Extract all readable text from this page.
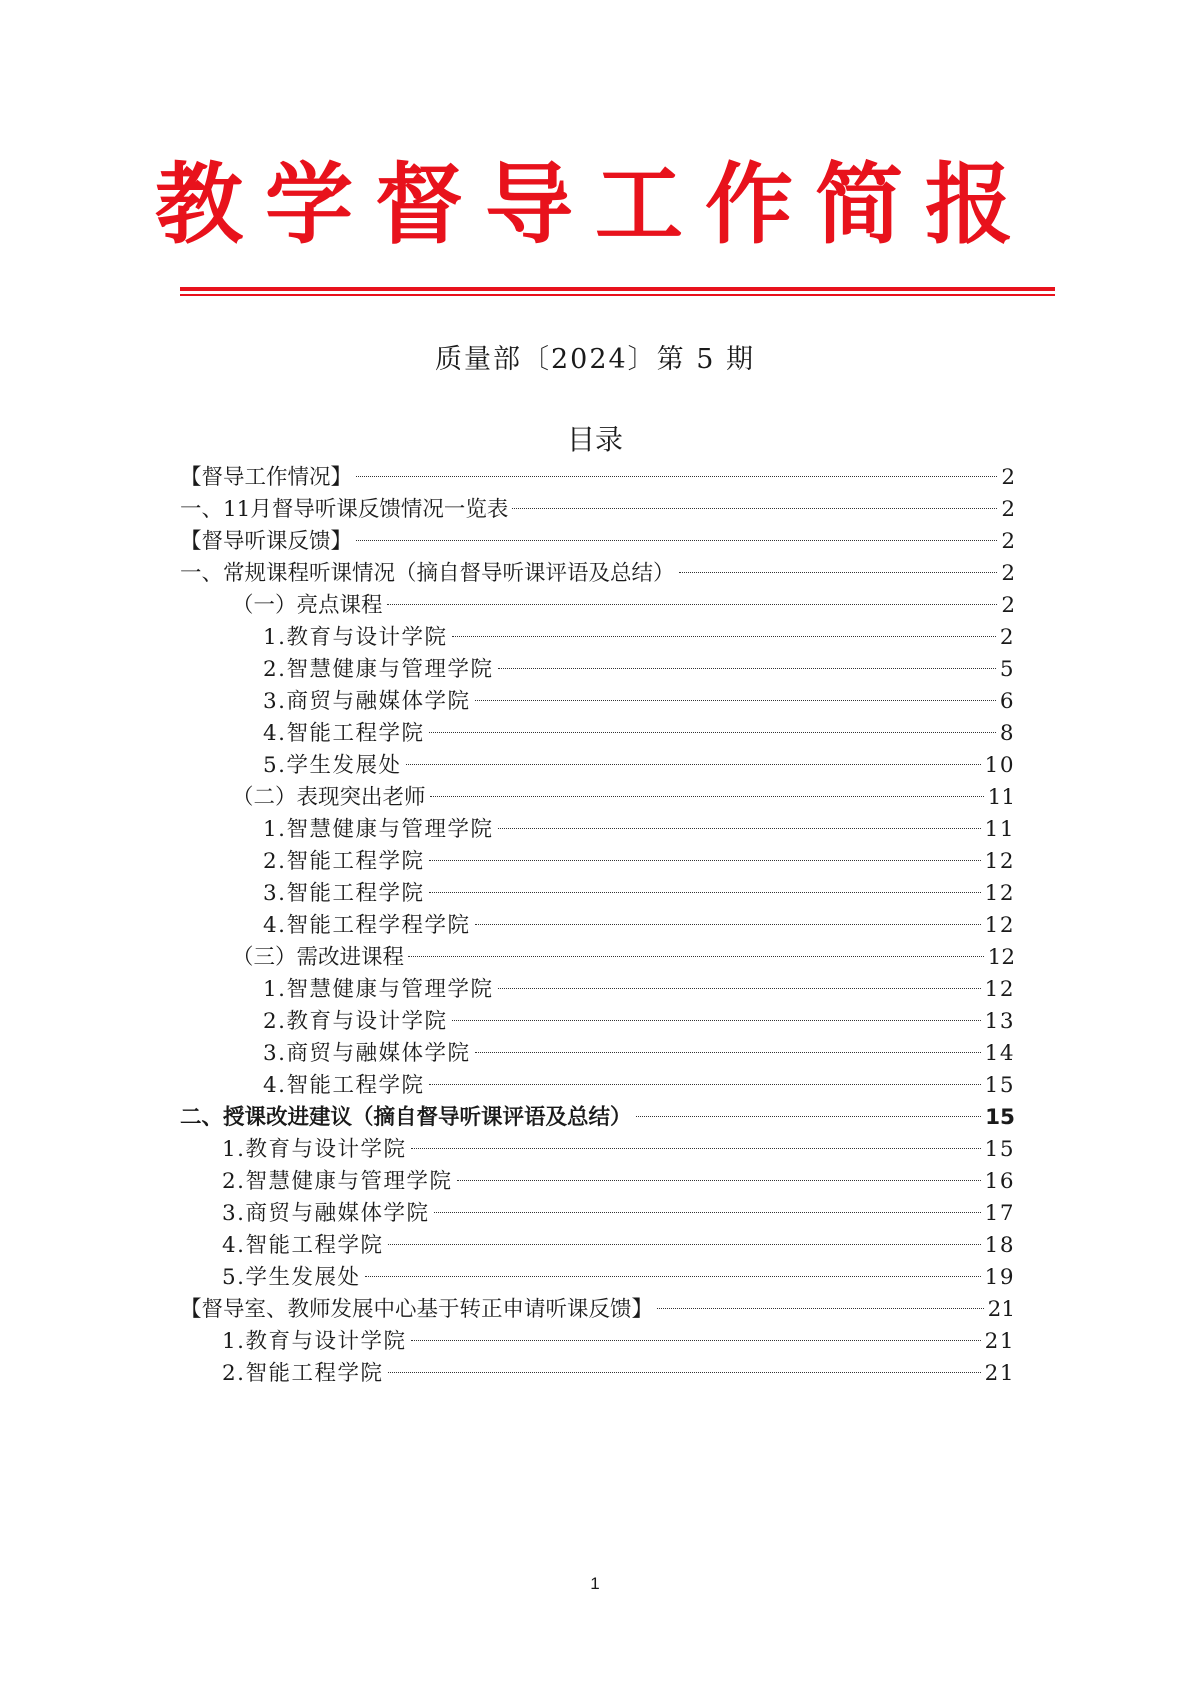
教学督导工作简报
质量部〔2024〕第 5 期
目录
【督导工作情况】	2
一、11月督导听课反馈情况一览表	2
【督导听课反馈】	2
一、常规课程听课情况（摘自督导听课评语及总结）	2
（一）亮点课程	2
1.教育与设计学院	2
2.智慧健康与管理学院	5
3.商贸与融媒体学院	6
4.智能工程学院	8
5.学生发展处	10
（二）表现突出老师	11
1.智慧健康与管理学院	11
2.智能工程学院	12
3.智能工程学院	12
4.智能工程学程学院	12
（三）需改进课程	12
1.智慧健康与管理学院	12
2.教育与设计学院	13
3.商贸与融媒体学院	14
4.智能工程学院	15
二、授课改进建议（摘自督导听课评语及总结）	15
1.教育与设计学院	15
2.智慧健康与管理学院	16
3.商贸与融媒体学院	17
4.智能工程学院	18
5.学生发展处	19
【督导室、教师发展中心基于转正申请听课反馈】	21
1.教育与设计学院	21
2.智能工程学院	21
1
